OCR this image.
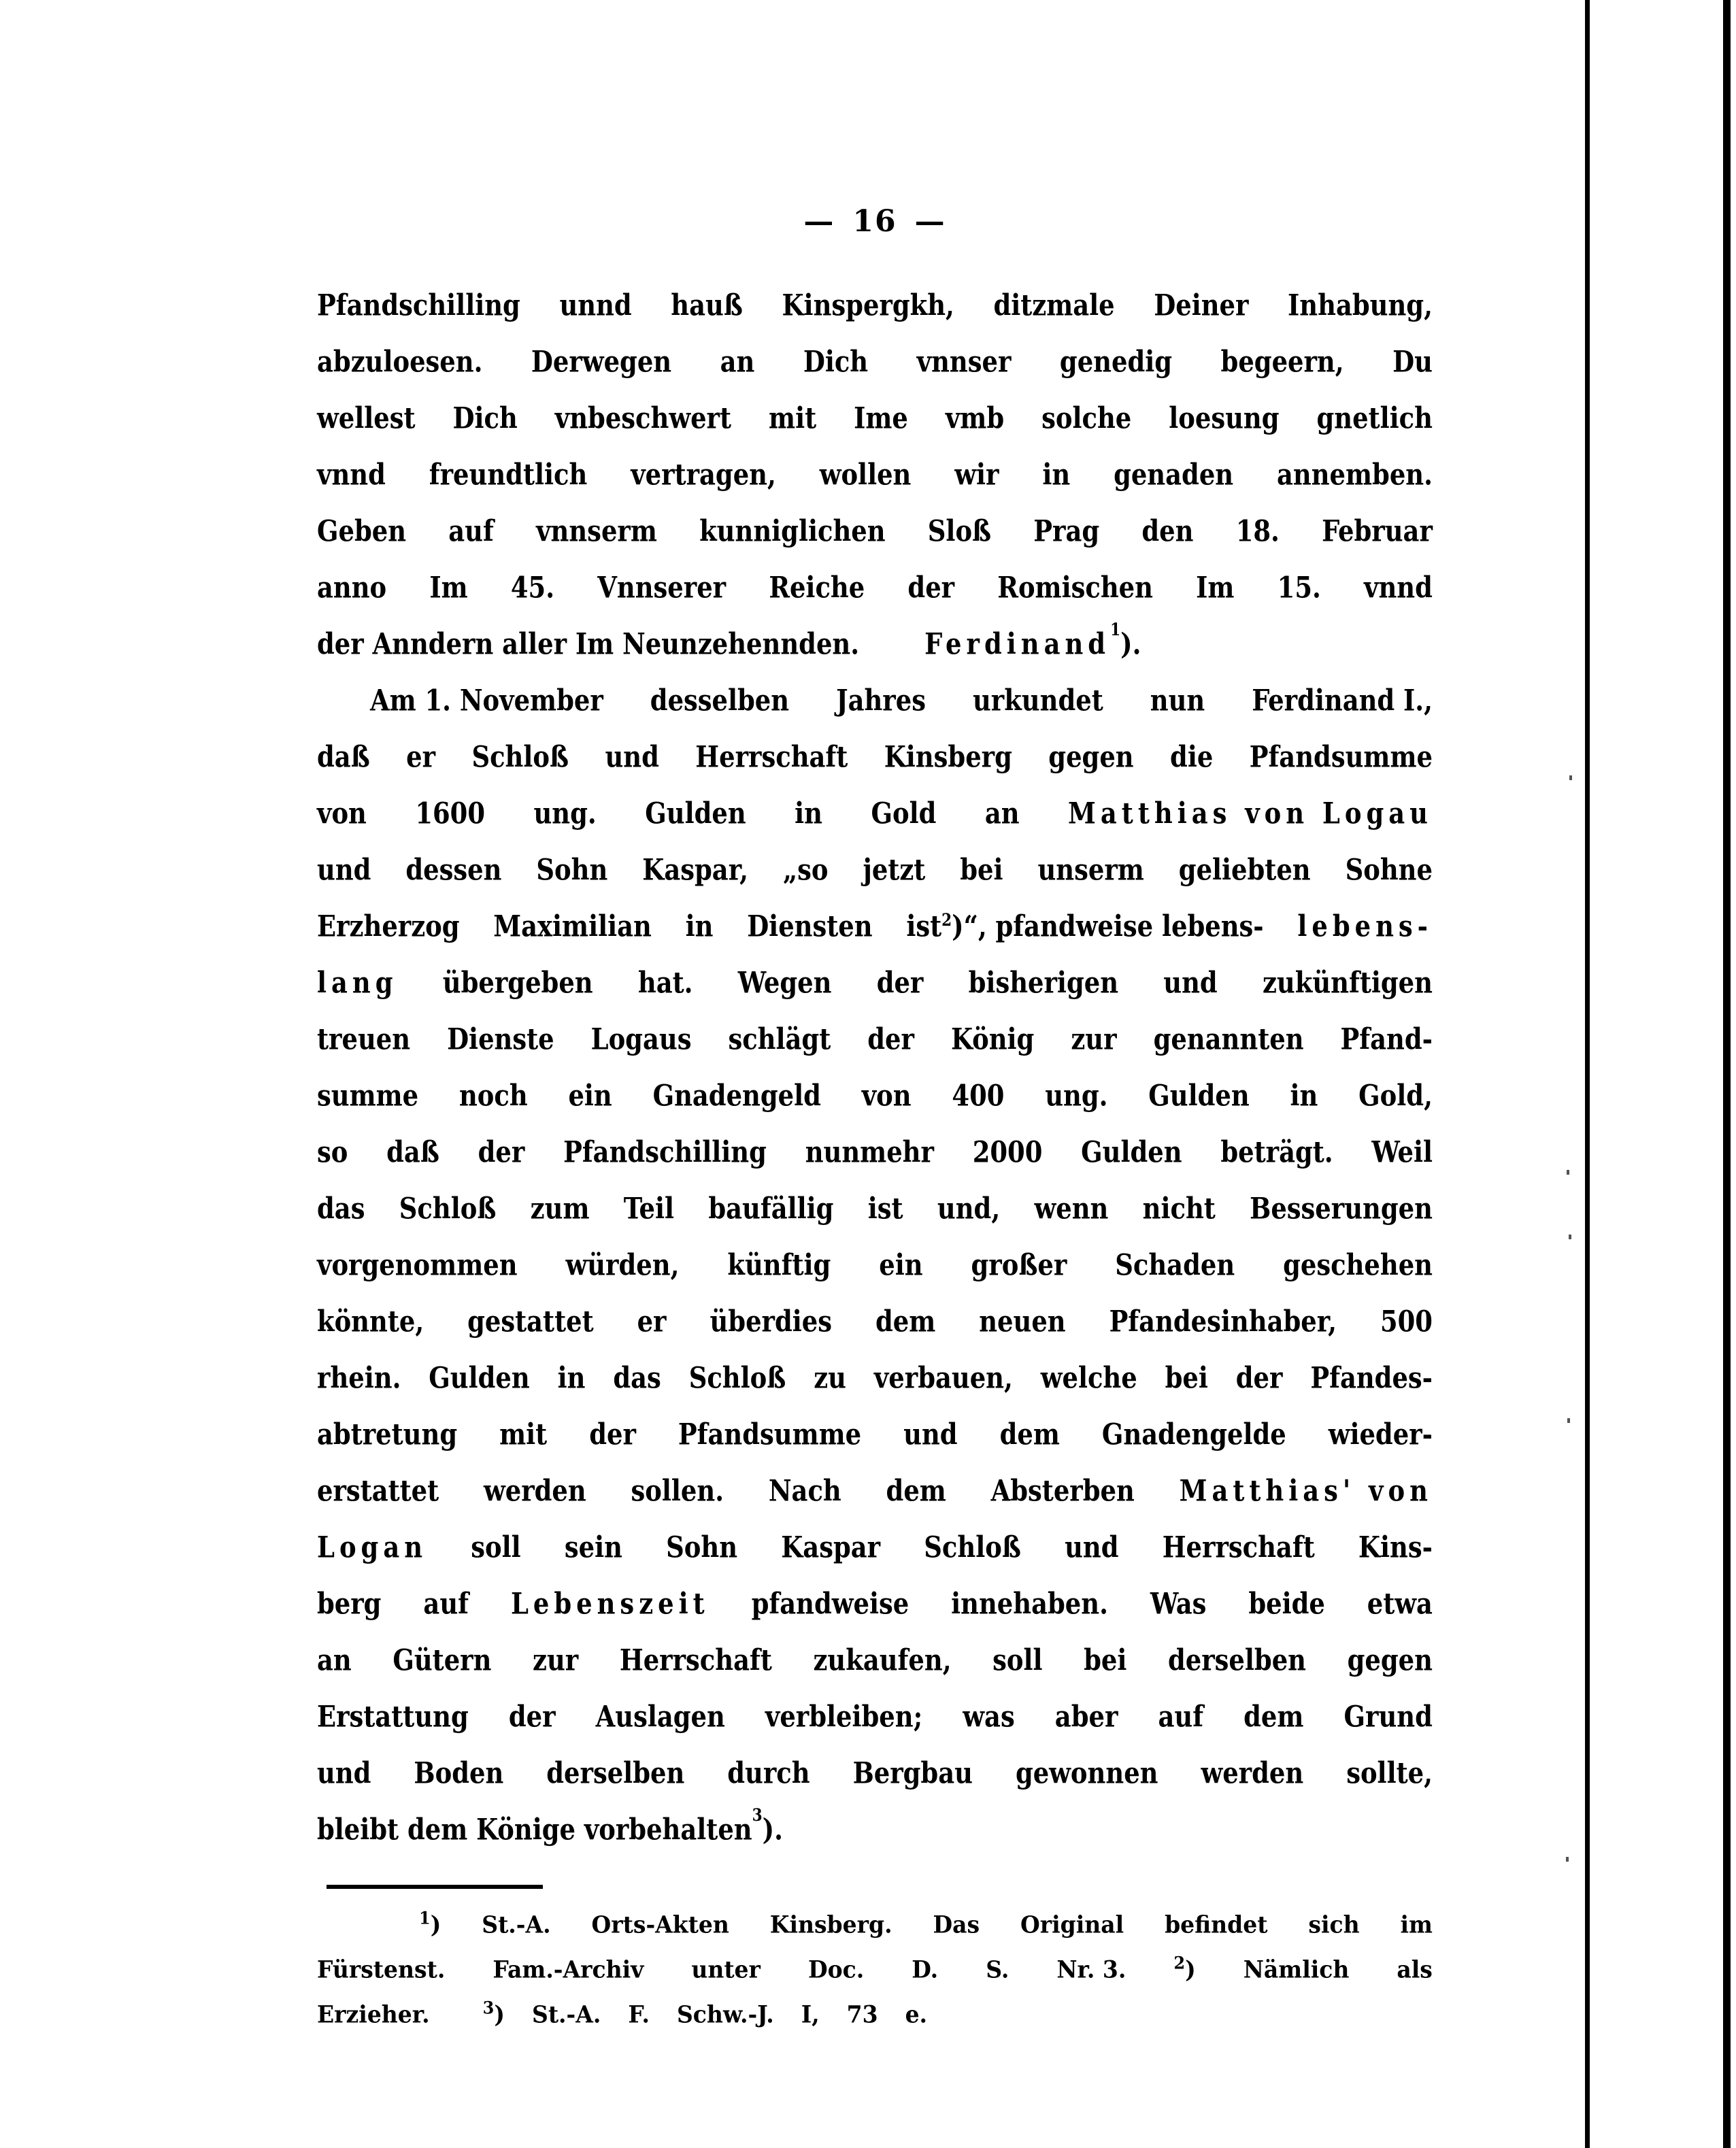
— 16 —
Pfandschilling unnd hauß Kinspergkh, ditzmale Deiner Inhabung,
abzuloesen. Derwegen an Dich vnnser genedig begeern, Du
wellest Dich vnbeschwert mit Ime vmb solche loesung gnetlich
vnnd freundtlich vertragen, wollen wir in genaden annemben.
Geben auf vnnserm kunniglichen Sloß Prag den 18. Februar
anno Im 45. Vnnserer Reiche der Romischen Im 15. vnnd
der
Anndern
aller
Im
Neunzehennden. Ferdinand 1 ).
Am 1. November desselben Jahres urkundet nun Ferdinand I.,
daß er Schloß und Herrschaft Kinsberg gegen die Pfandsumme
von 1600 ung. Gulden in Gold an Matthias von Logau
und dessen Sohn Kaspar, „so jetzt bei unserm geliebten Sohne
Erzherzog Maximilian in Diensten ist$^2$)“, pfandweise lebens- lebens-
lang übergeben hat. Wegen der bisherigen und zukünftigen
treuen Dienste Logaus schlägt der König zur genannten Pfand-
summe noch ein Gnadengeld von 400 ung. Gulden in Gold,
so daß der Pfandschilling nunmehr 2000 Gulden beträgt. Weil
das Schloß zum Teil baufällig ist und, wenn nicht Besserungen
vorgenommen würden, künftig ein großer Schaden geschehen
könnte, gestattet er überdies dem neuen Pfandesinhaber, 500
rhein. Gulden in das Schloß zu verbauen, welche bei der Pfandes-
abtretung mit der Pfandsumme und dem Gnadengelde wieder-
erstattet werden sollen. Nach dem Absterben Matthias' von
Logan soll sein Sohn Kaspar Schloß und Herrschaft Kins-
berg auf Lebenszeit pfandweise innehaben. Was beide etwa
an Gütern zur Herrschaft zukaufen, soll bei derselben gegen
Erstattung der Auslagen verbleiben; was aber auf dem Grund
und Boden derselben durch Bergbau gewonnen werden sollte,
bleibt
dem
Könige
vorbehalten 3 ).
$^1$) St.-A. Orts-Akten Kinsberg. Das Original befindet sich im
Fürstenst. Fam.-Archiv unter Doc. D. S. Nr. 3.	$^2$) Nämlich als
Erzieher.	$^3$) St.-A. F. Schw.-J. I, 73 e.
